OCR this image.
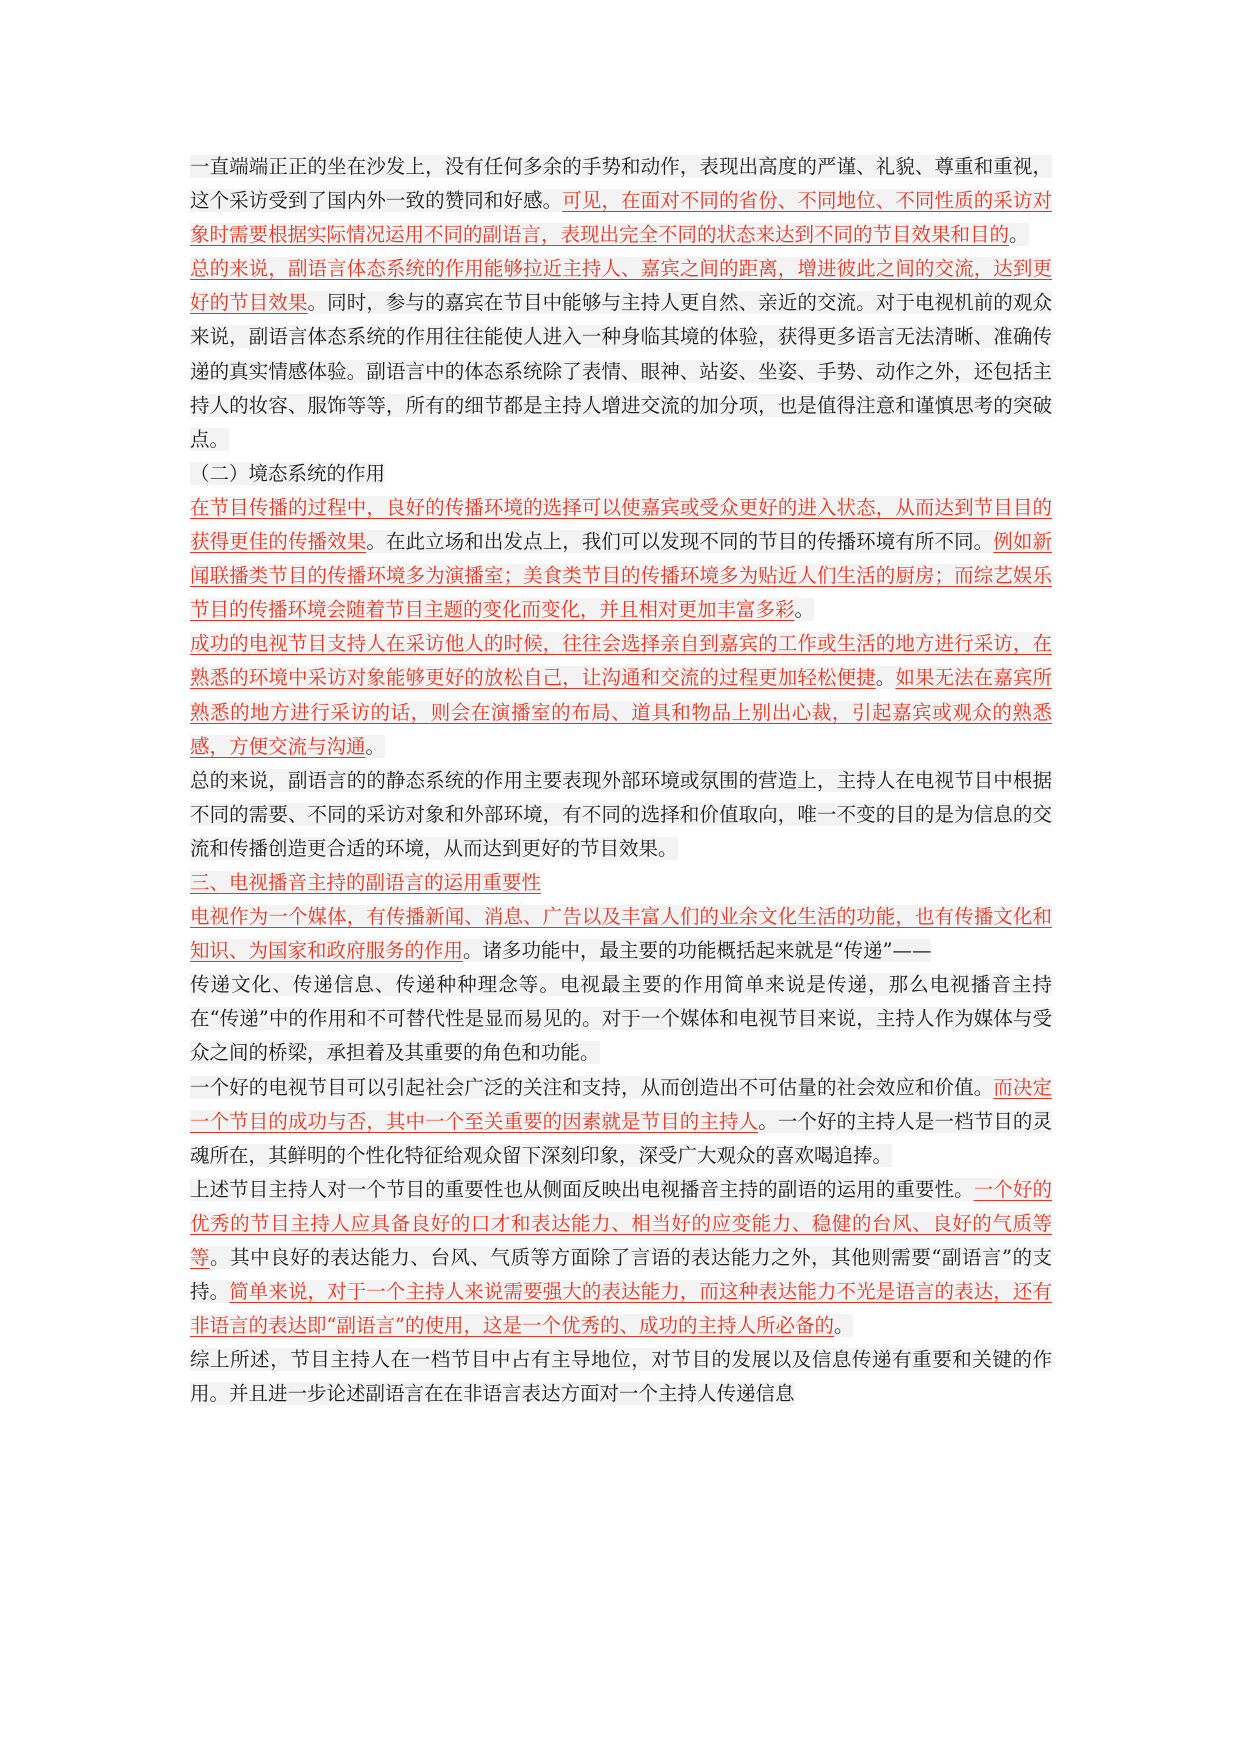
一直端端正正的坐在沙发上，没有任何多余的手势和动作，表现出高度的严谨、礼貌、尊重和重视，这个采访受到了国内外一致的赞同和好感。可见，在面对不同的省份、不同地位、不同性质的采访对象时需要根据实际情况运用不同的副语言，表现出完全不同的状态来达到不同的节目效果和目的。

总的来说，副语言体态系统的作用能够拉近主持人、嘉宾之间的距离，增进彼此之间的交流，达到更好的节目效果。同时，参与的嘉宾在节目中能够与主持人更自然、亲近的交流。对于电视机前的观众来说，副语言体态系统的作用往往能使人进入一种身临其境的体验，获得更多语言无法清晰、准确传递的真实情感体验。副语言中的体态系统除了表情、眼神、站姿、坐姿、手势、动作之外，还包括主持人的妆容、服饰等等，所有的细节都是主持人增进交流的加分项，也是值得注意和谨慎思考的突破点。

（二）境态系统的作用

在节目传播的过程中，良好的传播环境的选择可以使嘉宾或受众更好的进入状态，从而达到节目目的获得更佳的传播效果。在此立场和出发点上，我们可以发现不同的节目的传播环境有所不同。例如新闻联播类节目的传播环境多为演播室；美食类节目的传播环境多为贴近人们生活的厨房；而综艺娱乐节目的传播环境会随着节目主题的变化而变化，并且相对更加丰富多彩。

成功的电视节目支持人在采访他人的时候，往往会选择亲自到嘉宾的工作或生活的地方进行采访，在熟悉的环境中采访对象能够更好的放松自己，让沟通和交流的过程更加轻松便捷。如果无法在嘉宾所熟悉的地方进行采访的话，则会在演播室的布局、道具和物品上别出心裁，引起嘉宾或观众的熟悉感，方便交流与沟通。

总的来说，副语言的的静态系统的作用主要表现外部环境或氛围的营造上，主持人在电视节目中根据不同的需要、不同的采访对象和外部环境，有不同的选择和价值取向，唯一不变的目的是为信息的交流和传播创造更合适的环境，从而达到更好的节目效果。

三、电视播音主持的副语言的运用重要性

电视作为一个媒体，有传播新闻、消息、广告以及丰富人们的业余文化生活的功能，也有传播文化和知识、为国家和政府服务的作用。诸多功能中，最主要的功能概括起来就是“传递”——

传递文化、传递信息、传递种种理念等。电视最主要的作用简单来说是传递，那么电视播音主持在“传递”中的作用和不可替代性是显而易见的。对于一个媒体和电视节目来说，主持人作为媒体与受众之间的桥梁，承担着及其重要的角色和功能。

一个好的电视节目可以引起社会广泛的关注和支持，从而创造出不可估量的社会效应和价值。而决定一个节目的成功与否，其中一个至关重要的因素就是节目的主持人。一个好的主持人是一档节目的灵魂所在，其鲜明的个性化特征给观众留下深刻印象，深受广大观众的喜欢喝追捧。

上述节目主持人对一个节目的重要性也从侧面反映出电视播音主持的副语的运用的重要性。一个好的优秀的节目主持人应具备良好的口才和表达能力、相当好的应变能力、稳健的台风、良好的气质等等。其中良好的表达能力、台风、气质等方面除了言语的表达能力之外，其他则需要“副语言”的支持。简单来说，对于一个主持人来说需要强大的表达能力，而这种表达能力不光是语言的表达，还有非语言的表达即“副语言”的使用，这是一个优秀的、成功的主持人所必备的。

综上所述，节目主持人在一档节目中占有主导地位，对节目的发展以及信息传递有重要和关键的作用。并且进一步论述副语言在在非语言表达方面对一个主持人传递信息
